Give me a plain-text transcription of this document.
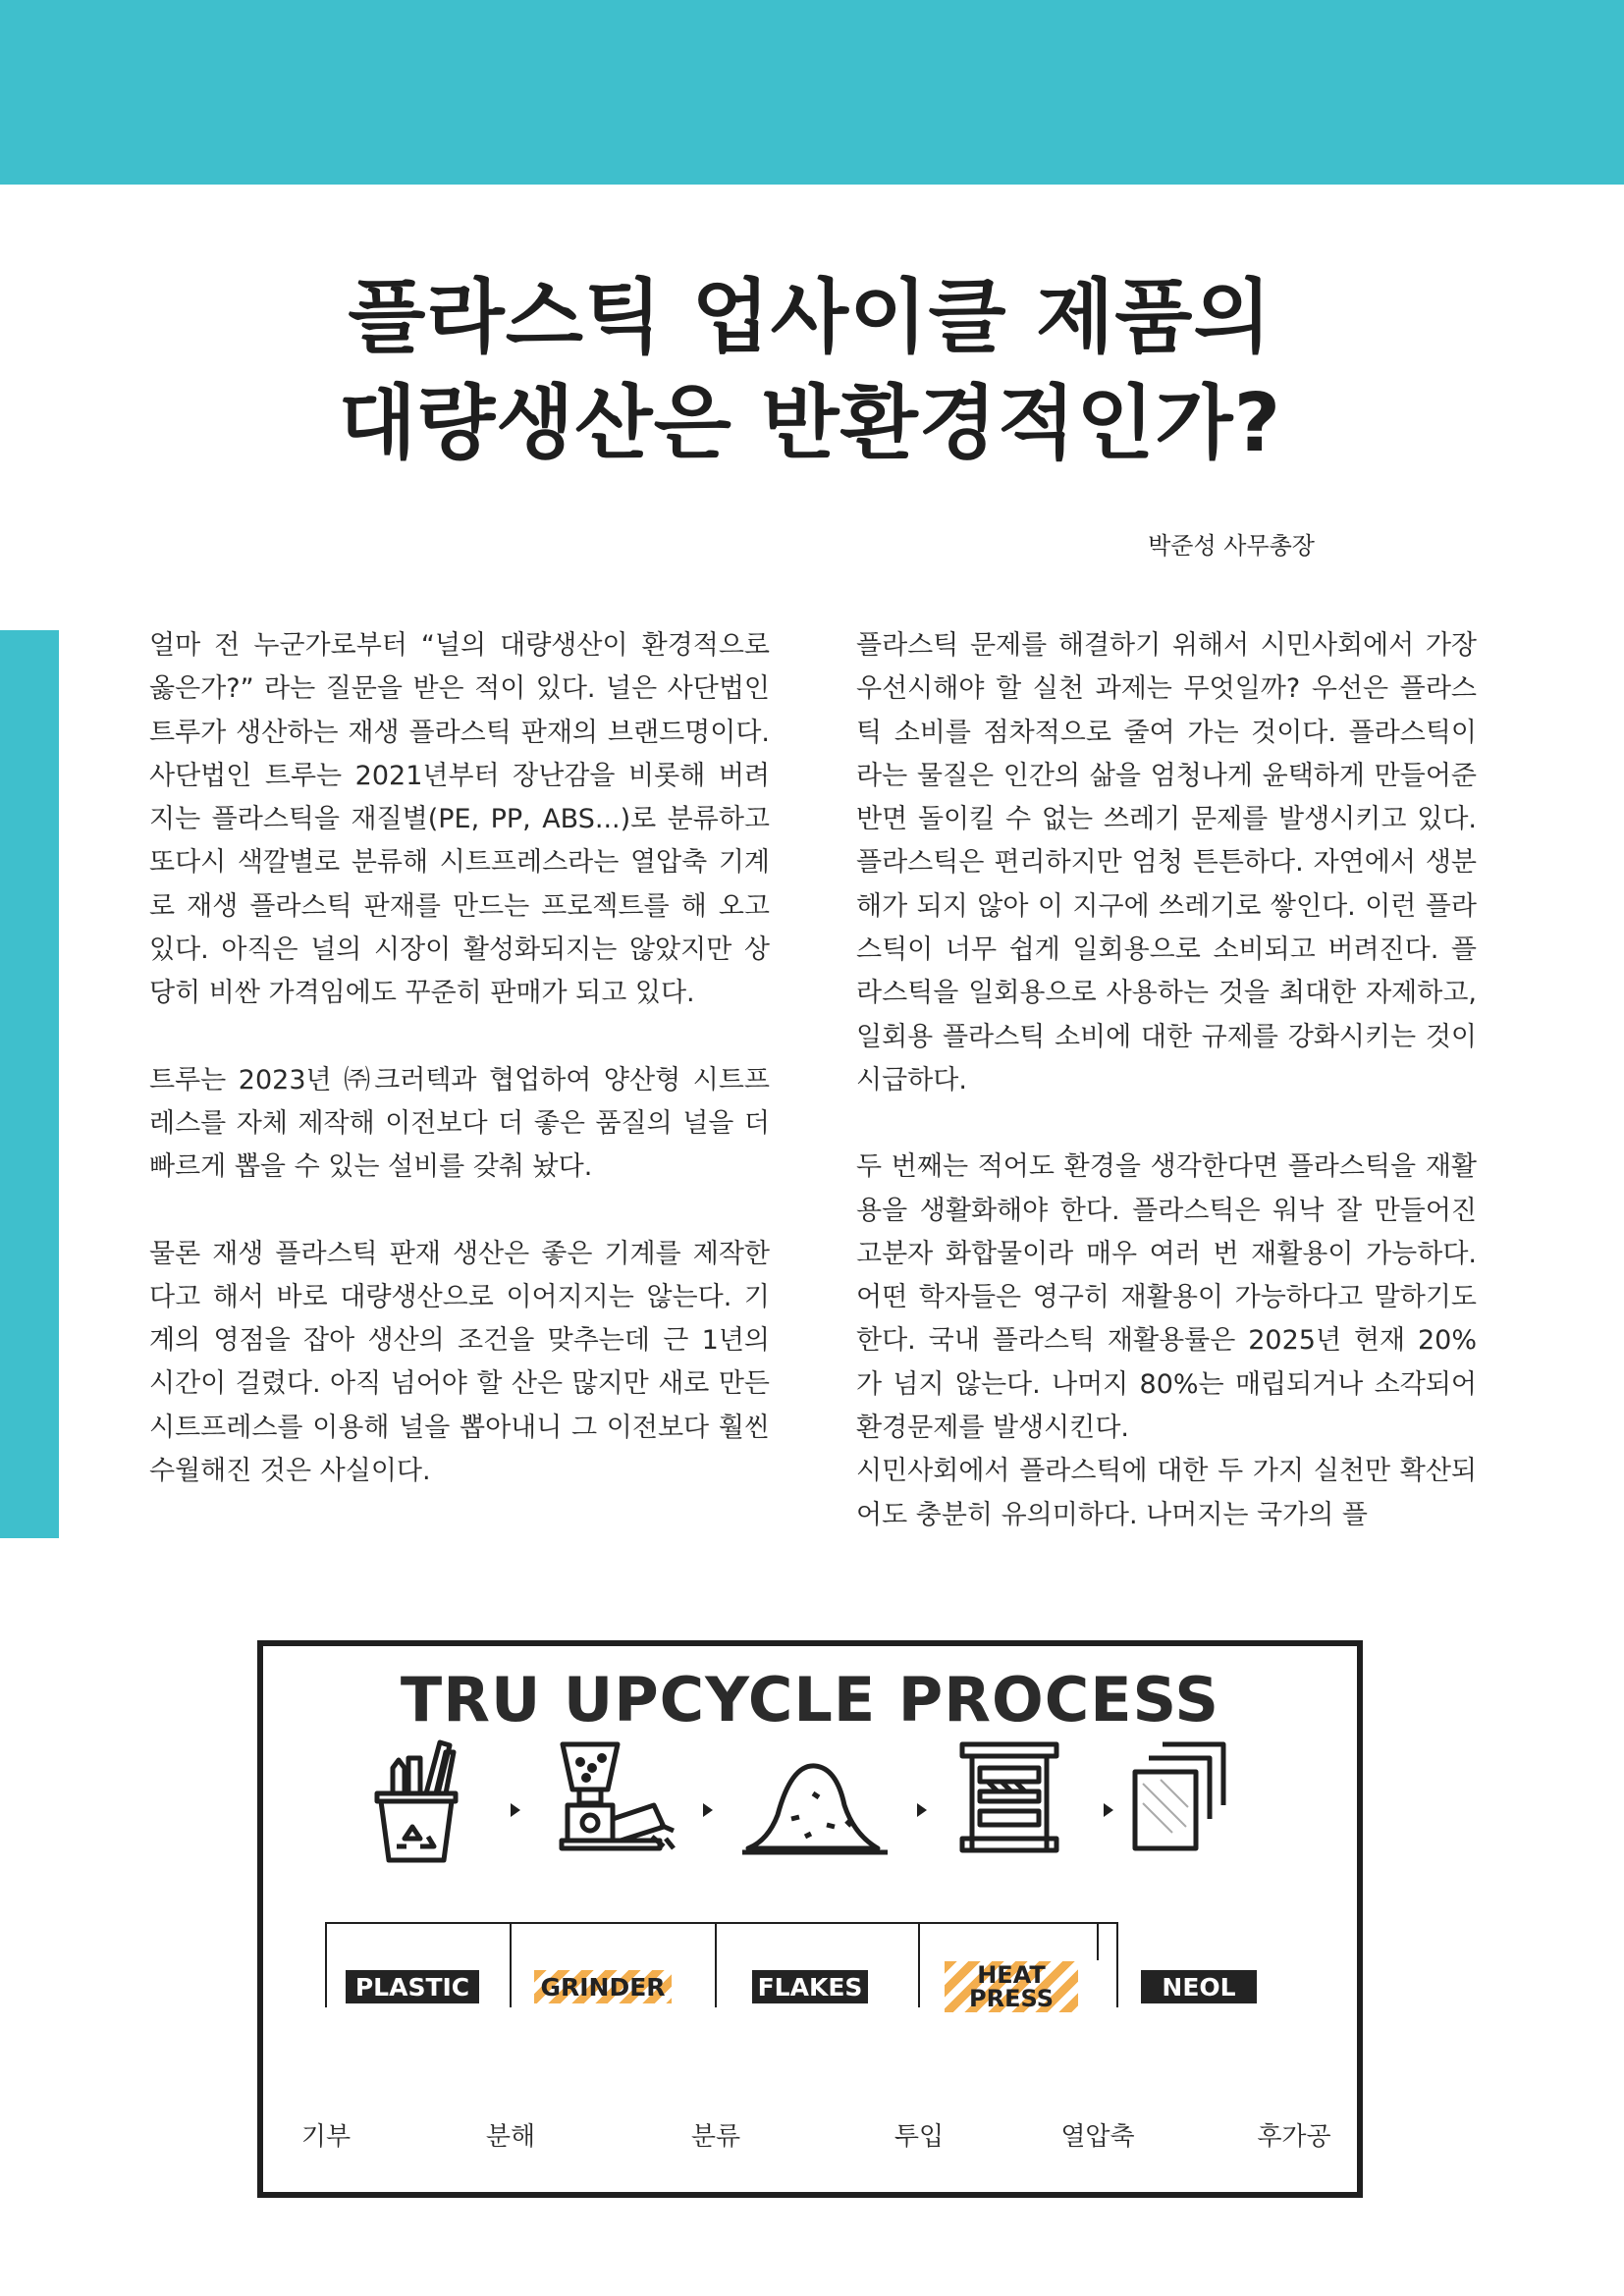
플라스틱 업사이클 제품의
대량생산은 반환경적인가?

박준성 사무총장

얼마 전 누군가로부터 “널의 대량생산이 환경적으로 옳은가?” 라는 질문을 받은 적이 있다. 널은 사단법인 트루가 생산하는 재생 플라스틱 판재의 브랜드명이다. 사단법인 트루는 2021년부터 장난감을 비롯해 버려지는 플라스틱을 재질별(PE, PP, ABS...)로 분류하고 또다시 색깔별로 분류해 시트프레스라는 열압축 기계로 재생 플라스틱 판재를 만드는 프로젝트를 해 오고 있다. 아직은 널의 시장이 활성화되지는 않았지만 상당히 비싼 가격임에도 꾸준히 판매가 되고 있다.

트루는 2023년 ㈜크러텍과 협업하여 양산형 시트프레스를 자체 제작해 이전보다 더 좋은 품질의 널을 더 빠르게 뽑을 수 있는 설비를 갖춰 놨다.

물론 재생 플라스틱 판재 생산은 좋은 기계를 제작한다고 해서 바로 대량생산으로 이어지지는 않는다. 기계의 영점을 잡아 생산의 조건을 맞추는데 근 1년의 시간이 걸렸다. 아직 넘어야 할 산은 많지만 새로 만든 시트프레스를 이용해 널을 뽑아내니 그 이전보다 훨씬 수월해진 것은 사실이다.

플라스틱 문제를 해결하기 위해서 시민사회에서 가장 우선시해야 할 실천 과제는 무엇일까? 우선은 플라스틱 소비를 점차적으로 줄여 가는 것이다. 플라스틱이라는 물질은 인간의 삶을 엄청나게 윤택하게 만들어준 반면 돌이킬 수 없는 쓰레기 문제를 발생시키고 있다. 플라스틱은 편리하지만 엄청 튼튼하다. 자연에서 생분해가 되지 않아 이 지구에 쓰레기로 쌓인다. 이런 플라스틱이 너무 쉽게 일회용으로 소비되고 버려진다. 플라스틱을 일회용으로 사용하는 것을 최대한 자제하고, 일회용 플라스틱 소비에 대한 규제를 강화시키는 것이 시급하다.

두 번째는 적어도 환경을 생각한다면 플라스틱을 재활용을 생활화해야 한다. 플라스틱은 워낙 잘 만들어진 고분자 화합물이라 매우 여러 번 재활용이 가능하다. 어떤 학자들은 영구히 재활용이 가능하다고 말하기도 한다. 국내 플라스틱 재활용률은 2025년 현재 20%가 넘지 않는다. 나머지 80%는 매립되거나 소각되어 환경문제를 발생시킨다.

시민사회에서 플라스틱에 대한 두 가지 실천만 확산되어도 충분히 유의미하다. 나머지는 국가의 플

TRU UPCYCLE PROCESS
PLASTIC	GRINDER	FLAKES	HEAT
PRESS	NEOL
기부	분해	분류	투입	열압축	후가공
